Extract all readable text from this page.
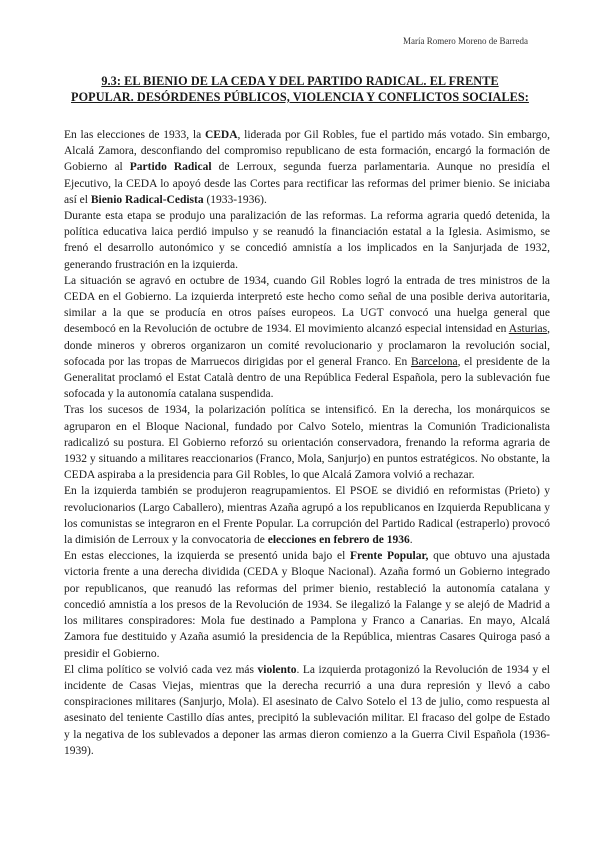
María Romero Moreno de Barreda
9.3: EL BIENIO DE LA CEDA Y DEL PARTIDO RADICAL. EL FRENTE
POPULAR. DESÓRDENES PÚBLICOS, VIOLENCIA Y CONFLICTOS SOCIALES:

En las elecciones de 1933, la CEDA, liderada por Gil Robles, fue el partido más votado. Sin embargo, Alcalá Zamora, desconfiando del compromiso republicano de esta formación, encargó la formación de Gobierno al Partido Radical de Lerroux, segunda fuerza parlamentaria. Aunque no presidía el Ejecutivo, la CEDA lo apoyó desde las Cortes para rectificar las reformas del primer bienio. Se iniciaba así el Bienio Radical-Cedista (1933-1936).

Durante esta etapa se produjo una paralización de las reformas. La reforma agraria quedó detenida, la política educativa laica perdió impulso y se reanudó la financiación estatal a la Iglesia. Asimismo, se frenó el desarrollo autonómico y se concedió amnistía a los implicados en la Sanjurjada de 1932, generando frustración en la izquierda.

La situación se agravó en octubre de 1934, cuando Gil Robles logró la entrada de tres ministros de la CEDA en el Gobierno. La izquierda interpretó este hecho como señal de una posible deriva autoritaria, similar a la que se producía en otros países europeos. La UGT convocó una huelga general que desembocó en la Revolución de octubre de 1934. El movimiento alcanzó especial intensidad en Asturias, donde mineros y obreros organizaron un comité revolucionario y proclamaron la revolución social, sofocada por las tropas de Marruecos dirigidas por el general Franco. En Barcelona, el presidente de la Generalitat proclamó el Estat Català dentro de una República Federal Española, pero la sublevación fue sofocada y la autonomía catalana suspendida.

Tras los sucesos de 1934, la polarización política se intensificó. En la derecha, los monárquicos se agruparon en el Bloque Nacional, fundado por Calvo Sotelo, mientras la Comunión Tradicionalista radicalizó su postura. El Gobierno reforzó su orientación conservadora, frenando la reforma agraria de 1932 y situando a militares reaccionarios (Franco, Mola, Sanjurjo) en puntos estratégicos. No obstante, la CEDA aspiraba a la presidencia para Gil Robles, lo que Alcalá Zamora volvió a rechazar.

En la izquierda también se produjeron reagrupamientos. El PSOE se dividió en reformistas (Prieto) y revolucionarios (Largo Caballero), mientras Azaña agrupó a los republicanos en Izquierda Republicana y los comunistas se integraron en el Frente Popular. La corrupción del Partido Radical (estraperlo) provocó la dimisión de Lerroux y la convocatoria de elecciones en febrero de 1936.

En estas elecciones, la izquierda se presentó unida bajo el Frente Popular, que obtuvo una ajustada victoria frente a una derecha dividida (CEDA y Bloque Nacional). Azaña formó un Gobierno integrado por republicanos, que reanudó las reformas del primer bienio, restableció la autonomía catalana y concedió amnistía a los presos de la Revolución de 1934. Se ilegalizó la Falange y se alejó de Madrid a los militares conspiradores: Mola fue destinado a Pamplona y Franco a Canarias. En mayo, Alcalá Zamora fue destituido y Azaña asumió la presidencia de la República, mientras Casares Quiroga pasó a presidir el Gobierno.

El clima político se volvió cada vez más violento. La izquierda protagonizó la Revolución de 1934 y el incidente de Casas Viejas, mientras que la derecha recurrió a una dura represión y llevó a cabo conspiraciones militares (Sanjurjo, Mola). El asesinato de Calvo Sotelo el 13 de julio, como respuesta al asesinato del teniente Castillo días antes, precipitó la sublevación militar. El fracaso del golpe de Estado y la negativa de los sublevados a deponer las armas dieron comienzo a la Guerra Civil Española (1936-1939).
